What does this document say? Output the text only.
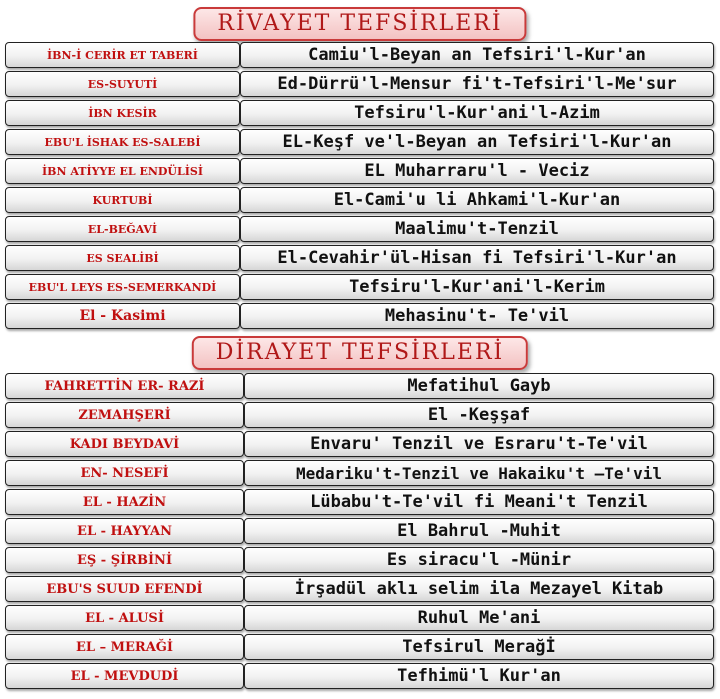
RİVAYET TEFSİRLERİ
İBN-İ CERİR ET TABERİ	Camiu'l-Beyan an Tefsiri'l-Kur'an
ES-SUYUTİ	Ed-Dürrü'l-Mensur fi't-Tefsiri'l-Me'sur
İBN KESİR	Tefsiru'l-Kur'ani'l-Azim
EBU'L İSHAK ES-SALEBİ	EL-Keşf ve'l-Beyan an Tefsiri'l-Kur'an
İBN ATİYYE EL ENDÜLİSİ	EL Muharraru'l - Veciz
KURTUBİ	El-Cami'u li Ahkami'l-Kur'an
EL-BEĞAVİ	Maalimu't-Tenzil
ES SEALİBİ	El-Cevahir'ül-Hisan fi Tefsiri'l-Kur'an
EBU'L LEYS ES-SEMERKANDİ	Tefsiru'l-Kur'ani'l-Kerim
El - Kasimi	Mehasinu't- Te'vil
DİRAYET TEFSİRLERİ
FAHRETTİN ER- RAZİ	Mefatihul Gayb
ZEMAHŞERİ	El -Keşşaf
KADI BEYDAVİ	Envaru' Tenzil ve Esraru't-Te'vil
EN- NESEFİ	Medariku't-Tenzil ve Hakaiku't –Te'vil
EL - HAZİN	Lübabu't-Te'vil fi Meani't Tenzil
EL - HAYYAN	El Bahrul -Muhit
EŞ - ŞİRBİNİ	Es siracu'l -Münir
EBU'S SUUD EFENDİ	İrşadül aklı selim ila Mezayel Kitab
EL - ALUSİ	Ruhul Me'ani
EL – MERAĞİ	Tefsirul Merağİ
EL - MEVDUDİ	Tefhimü'l Kur'an
